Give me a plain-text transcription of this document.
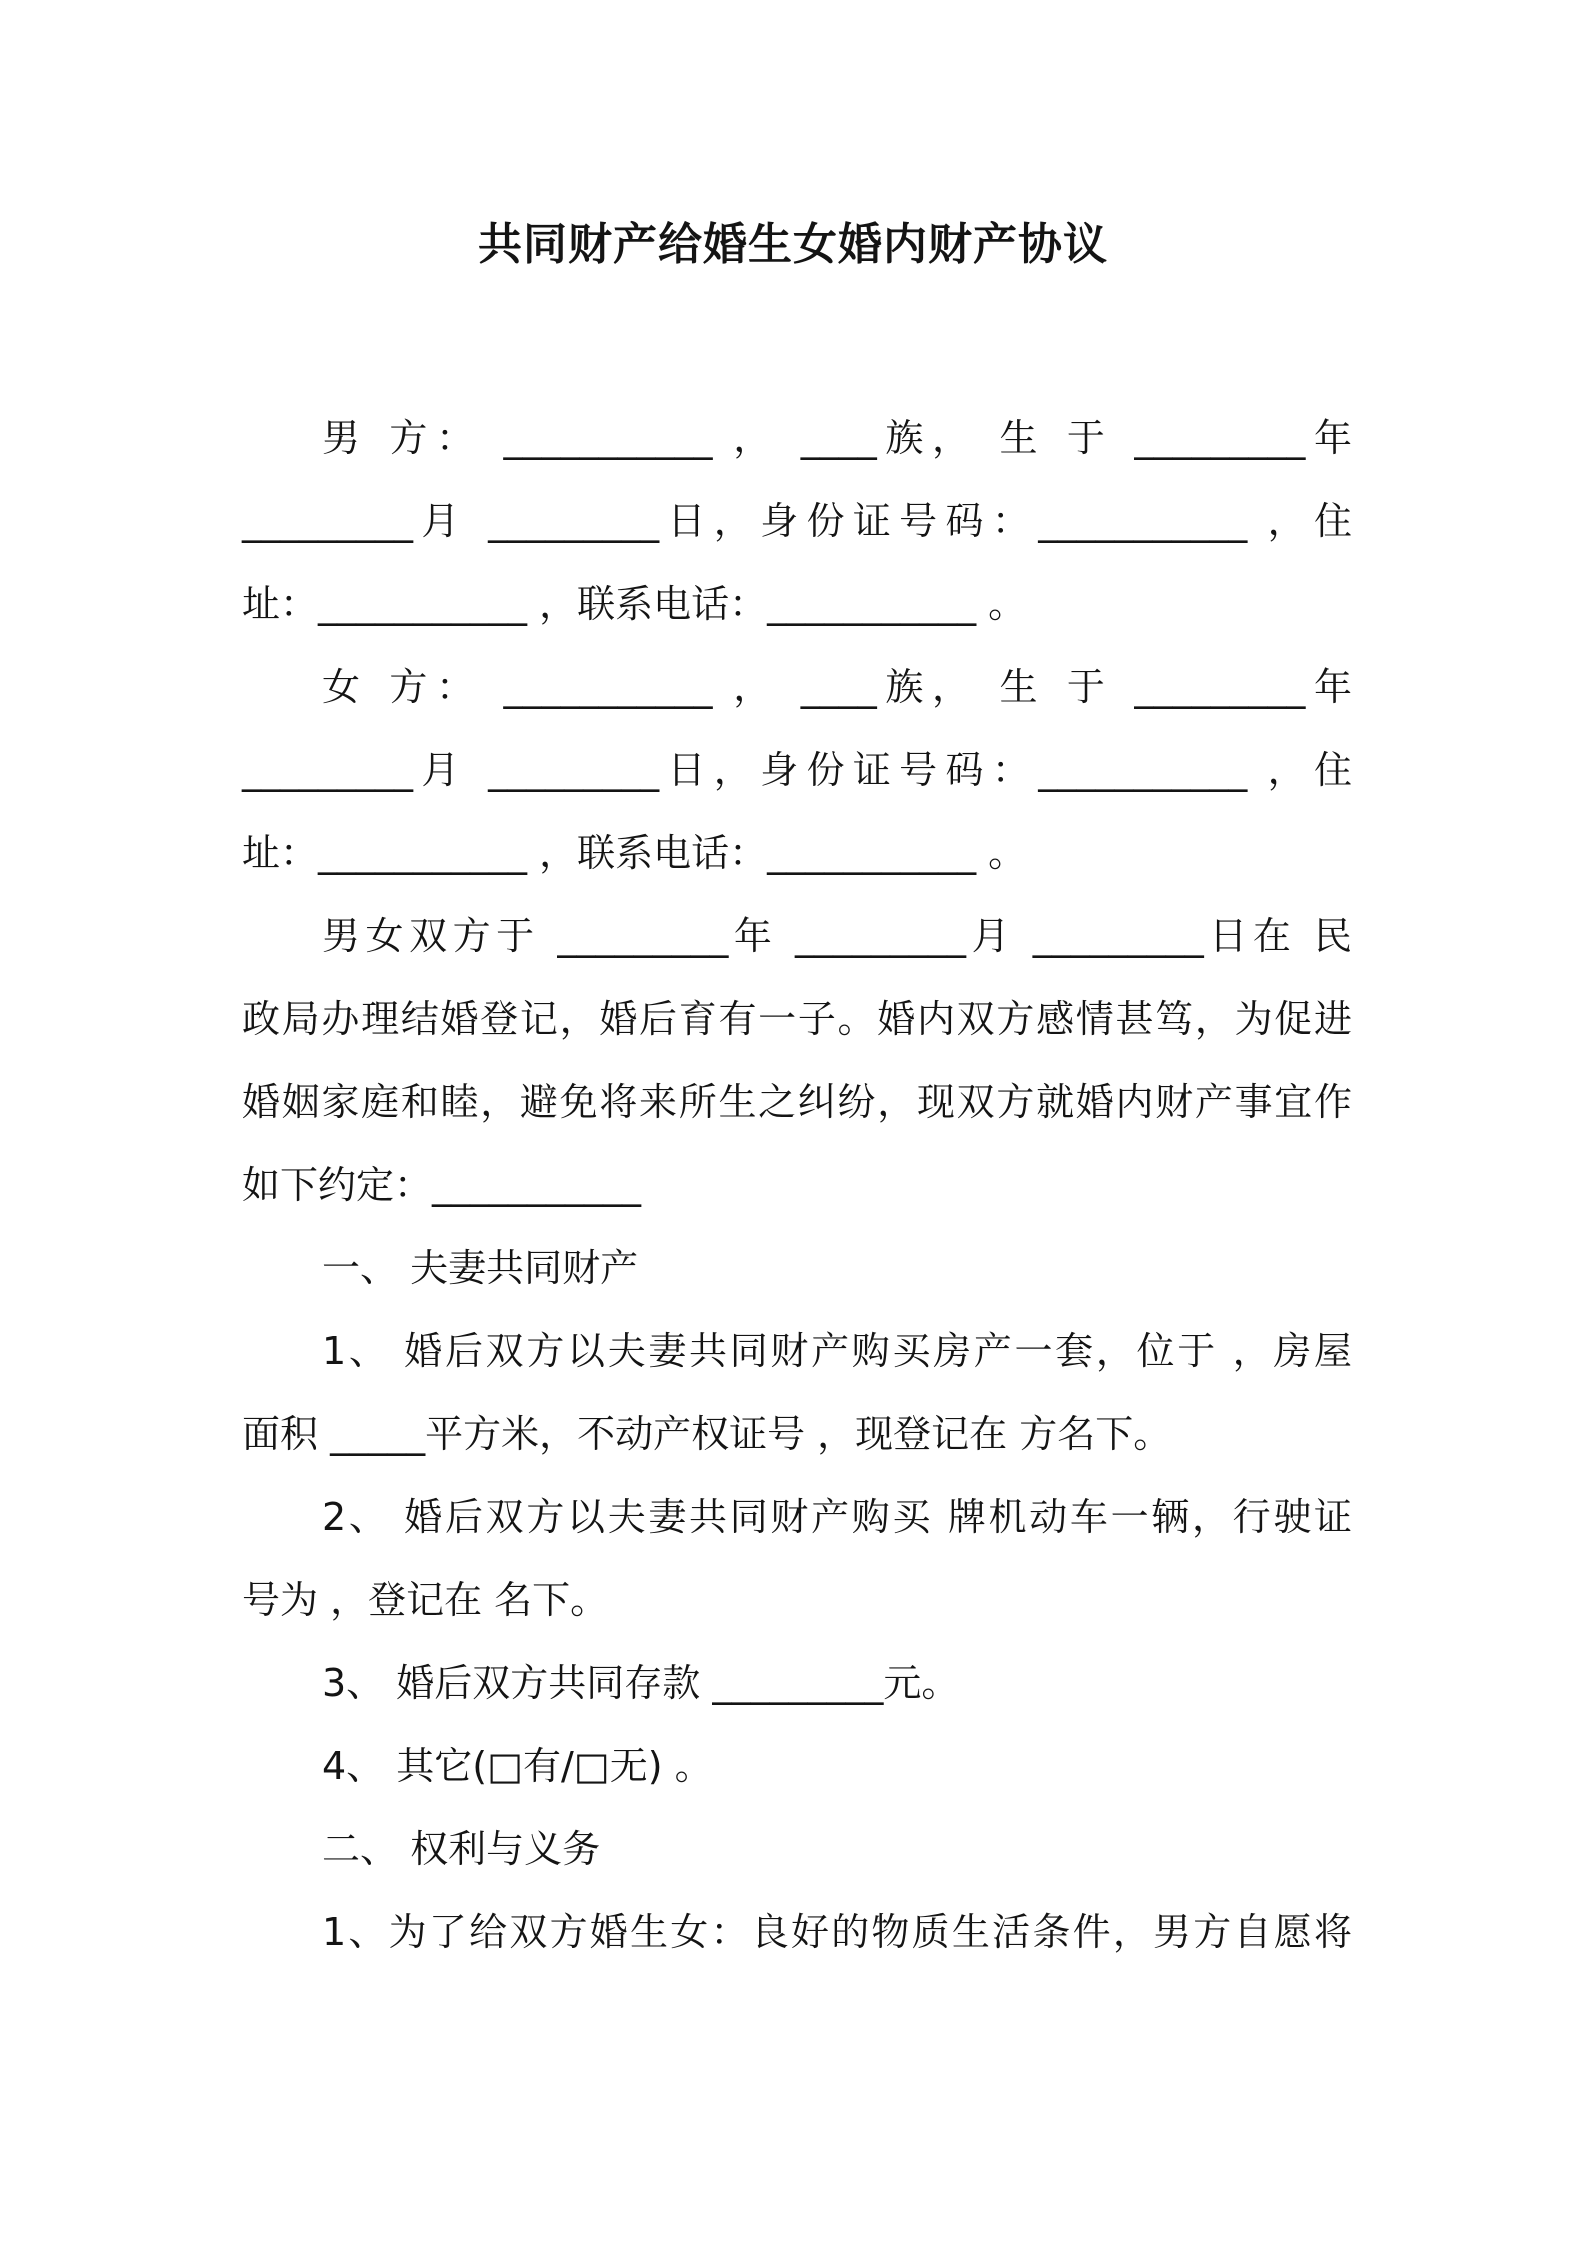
共同财产给婚生女婚内财产协议

男 方： ___________ ， ____族， 生 于 _________年

_________月 _________日，身份证号码：___________ ，住

址：___________ ，联系电话：___________ 。

女 方： ___________ ， ____族， 生 于 _________年

_________月 _________日，身份证号码：___________ ，住

址：___________ ，联系电话：___________ 。

男女双方于 _________年 _________月 _________日在 民

政局办理结婚登记，婚后育有一子。婚内双方感情甚笃，为促进

婚姻家庭和睦，避免将来所生之纠纷，现双方就婚内财产事宜作

如下约定：___________

一、 夫妻共同财产

1、 婚后双方以夫妻共同财产购买房产一套，位于 ，房屋

面积 _____平方米，不动产权证号 ，现登记在 方名下。

2、 婚后双方以夫妻共同财产购买 牌机动车一辆，行驶证

号为 ，登记在 名下。

3、 婚后双方共同存款 _________元。

4、 其它(□有/□无) 。

二、 权利与义务

1、为了给双方婚生女：良好的物质生活条件，男方自愿将
